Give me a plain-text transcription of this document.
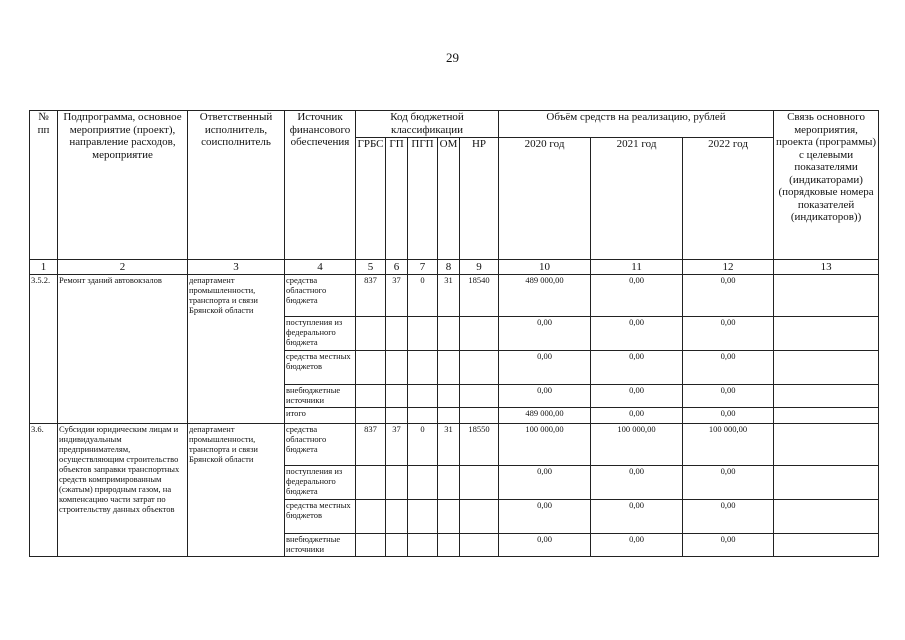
29
№ пп	Подпрограмма, основное мероприятие (проект), направление расходов, мероприятие	Ответственный исполнитель, соисполнитель	Источник финансового обеспечения	Код бюджетной классификации					Объём средств на реализацию, рублей			Связь основного мероприятия, проекта (программы) с целевыми показателями (индикаторами) (порядковые номера показателей (индикаторов))
				ГРБС	ГП	ПГП	ОМ	НР	2020 год	2021 год	2022 год	
1	2	3	4	5	6	7	8	9	10	11	12	13
3.5.2.	Ремонт зданий автовокзалов	департамент промышленности, транспорта и связи Брянской области	средства областного бюджета	837	37	0	31	18540	489 000,00	0,00	0,00	
			поступления из федерального бюджета						0,00	0,00	0,00	
			средства местных бюджетов						0,00	0,00	0,00	
			внебюджетные источники						0,00	0,00	0,00	
			итого						489 000,00	0,00	0,00	
3.6.	Субсидии юридическим лицам и индивидуальным предпринимателям, осуществляющим строительство объектов заправки транспортных средств компримированным (сжатым) природным газом, на компенсацию части затрат по строительству данных объектов	департамент промышленности, транспорта и связи Брянской области	средства областного бюджета	837	37	0	31	18550	100 000,00	100 000,00	100 000,00	
			поступления из федерального бюджета						0,00	0,00	0,00	
			средства местных бюджетов						0,00	0,00	0,00	
			внебюджетные источники						0,00	0,00	0,00	
